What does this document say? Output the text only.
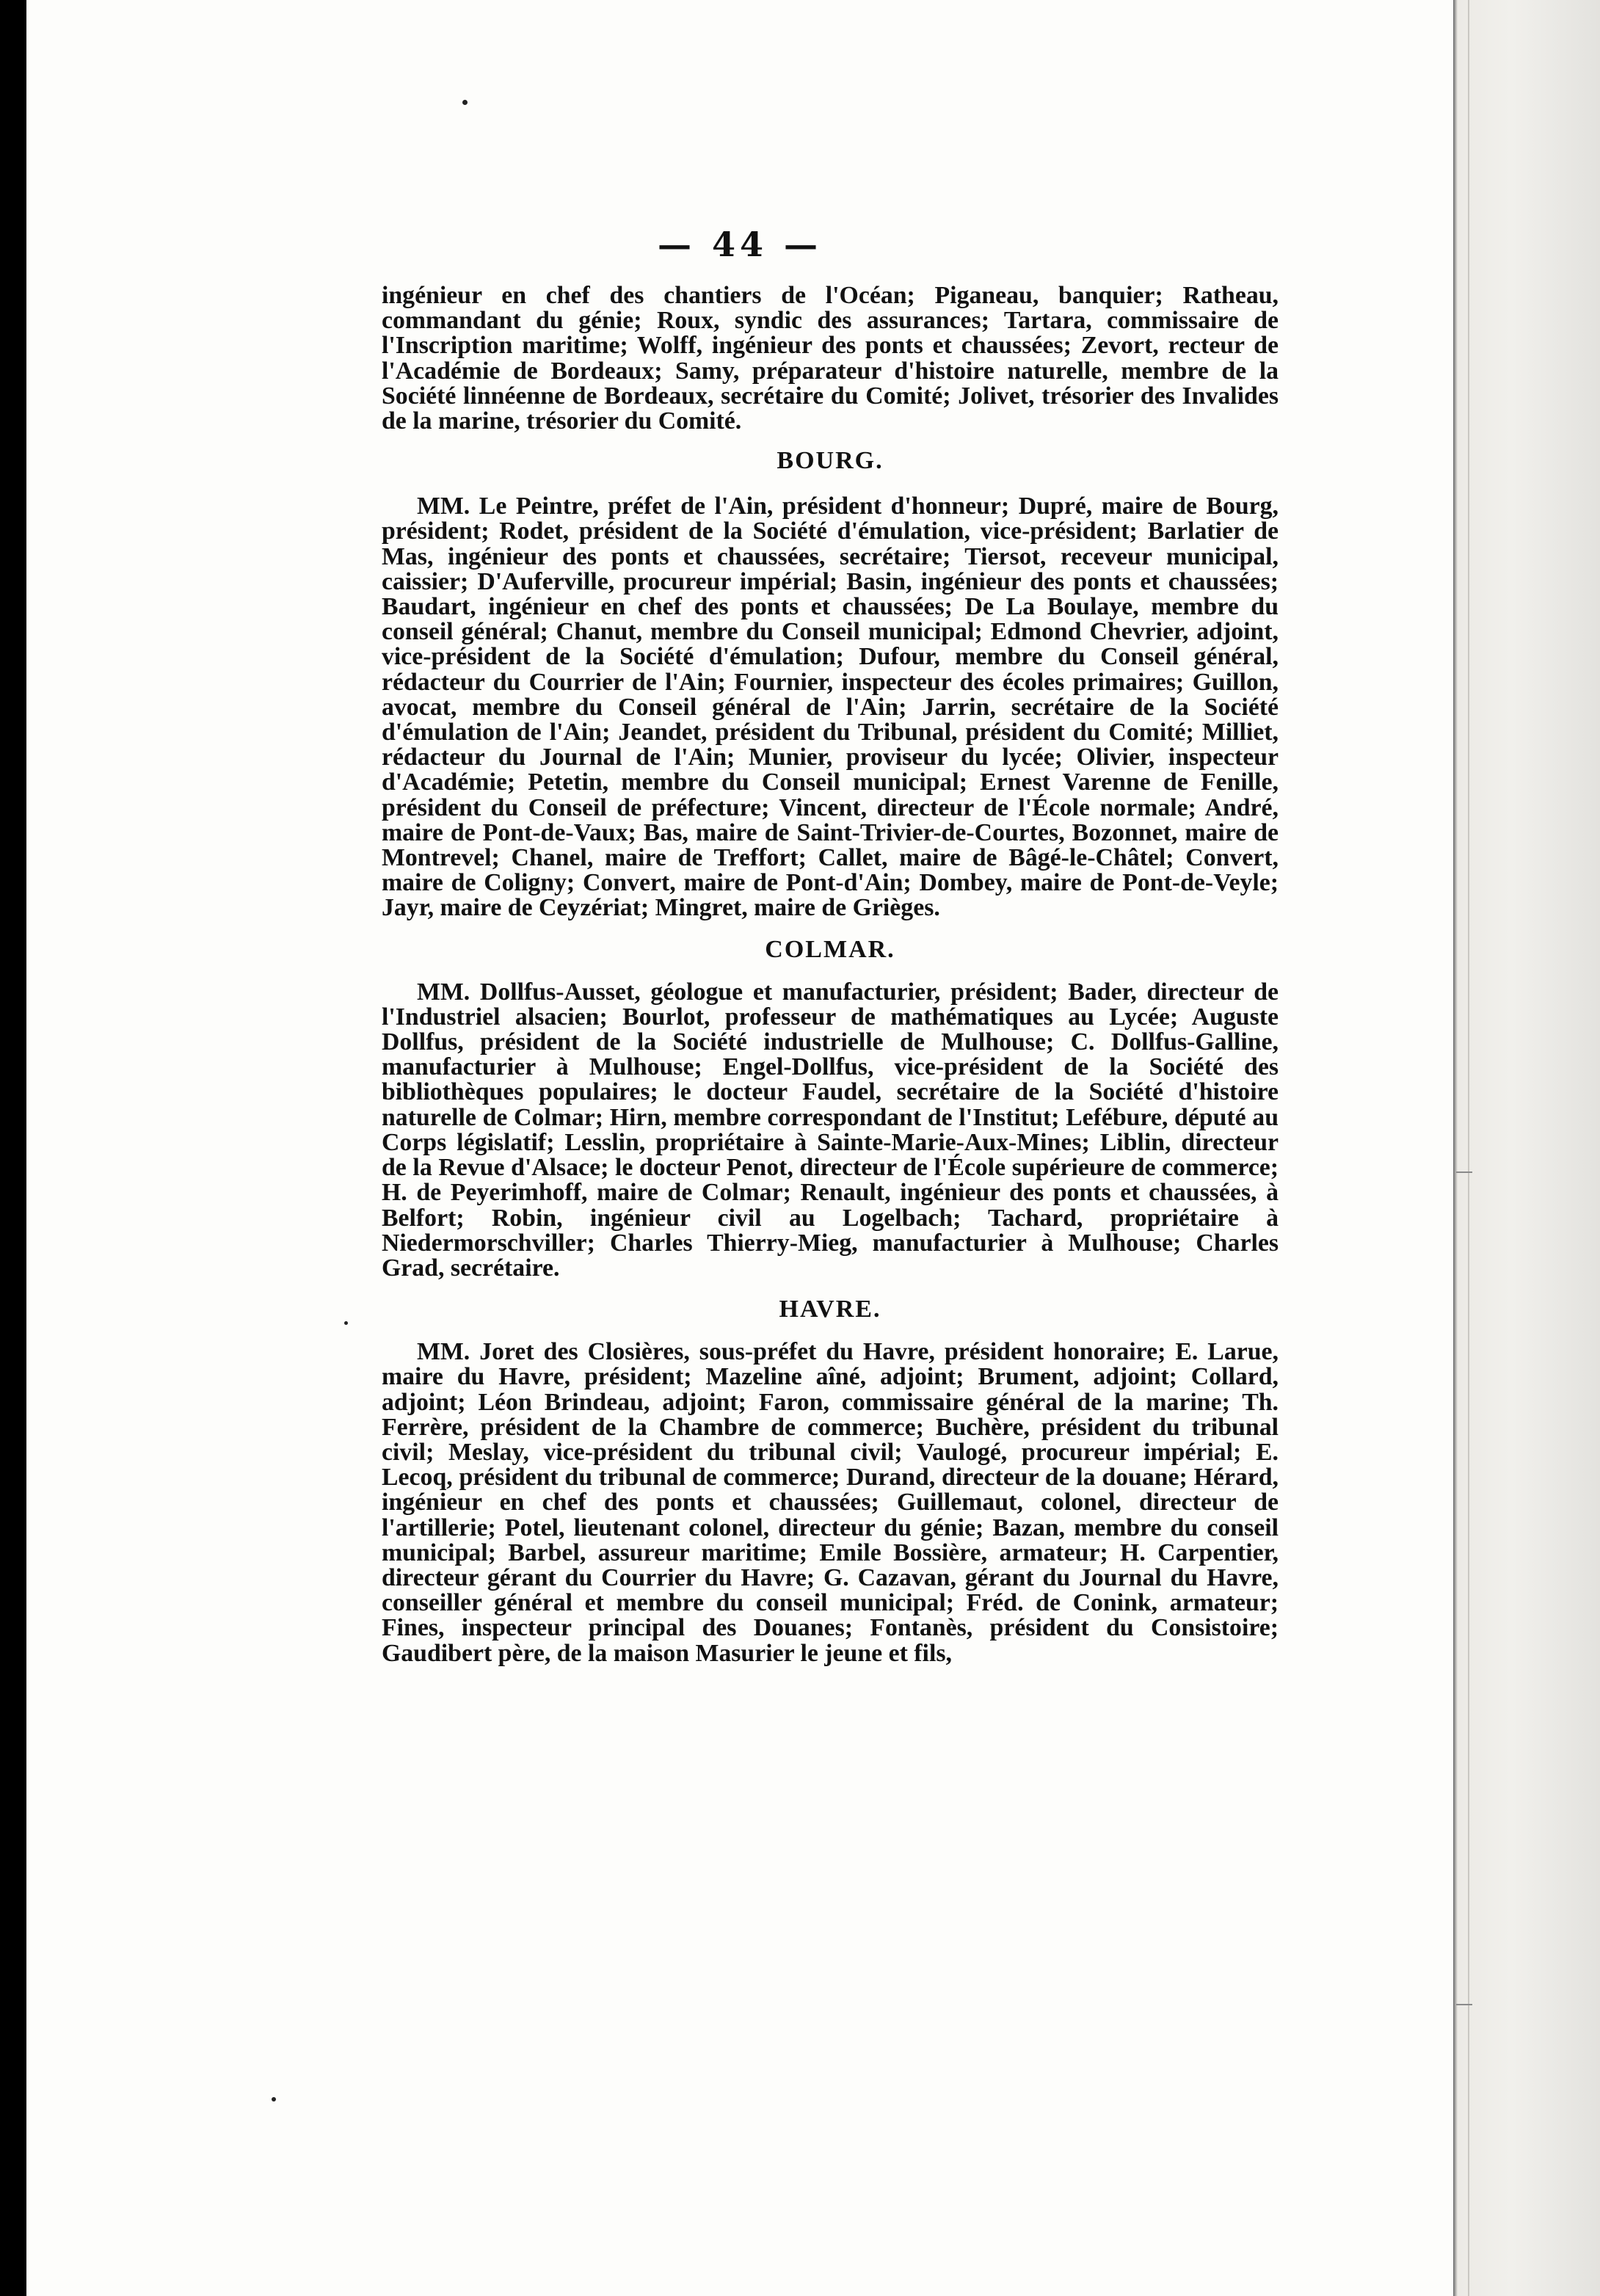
— 44 —

ingénieur en chef des chantiers de l'Océan; Piganeau, banquier; Ratheau, commandant du génie; Roux, syndic des assurances; Tartara, commissaire de l'Inscription maritime; Wolff, ingénieur des ponts et chaussées; Zevort, recteur de l'Académie de Bordeaux; Samy, préparateur d'histoire naturelle, membre de la Société linnéenne de Bordeaux, secrétaire du Comité; Jolivet, trésorier des Invalides de la marine, trésorier du Comité.

BOURG.

MM. Le Peintre, préfet de l'Ain, président d'honneur; Dupré, maire de Bourg, président; Rodet, président de la Société d'émulation, vice-président; Barlatier de Mas, ingénieur des ponts et chaussées, secrétaire; Tiersot, receveur municipal, caissier; D'Auferville, procureur impérial; Basin, ingénieur des ponts et chaussées; Baudart, ingénieur en chef des ponts et chaussées; De La Boulaye, membre du conseil général; Chanut, membre du Conseil municipal; Edmond Chevrier, adjoint, vice-président de la Société d'émulation; Dufour, membre du Conseil général, rédacteur du Courrier de l'Ain; Fournier, inspecteur des écoles primaires; Guillon, avocat, membre du Conseil général de l'Ain; Jarrin, secrétaire de la Société d'émulation de l'Ain; Jeandet, président du Tribunal, président du Comité; Milliet, rédacteur du Journal de l'Ain; Munier, proviseur du lycée; Olivier, inspecteur d'Académie; Petetin, membre du Conseil municipal; Ernest Varenne de Fenille, président du Conseil de préfecture; Vincent, directeur de l'École normale; André, maire de Pont-de-Vaux; Bas, maire de Saint-Trivier-de-Courtes, Bozonnet, maire de Montrevel; Chanel, maire de Treffort; Callet, maire de Bâgé-le-Châtel; Convert, maire de Coligny; Convert, maire de Pont-d'Ain; Dombey, maire de Pont-de-Veyle; Jayr, maire de Ceyzériat; Mingret, maire de Grièges.

COLMAR.

MM. Dollfus-Ausset, géologue et manufacturier, président; Bader, directeur de l'Industriel alsacien; Bourlot, professeur de mathématiques au Lycée; Auguste Dollfus, président de la Société industrielle de Mulhouse; C. Dollfus-Galline, manufacturier à Mulhouse; Engel-Dollfus, vice-président de la Société des bibliothèques populaires; le docteur Faudel, secrétaire de la Société d'histoire naturelle de Colmar; Hirn, membre correspondant de l'Institut; Lefébure, député au Corps législatif; Lesslin, propriétaire à Sainte-Marie-Aux-Mines; Liblin, directeur de la Revue d'Alsace; le docteur Penot, directeur de l'École supérieure de commerce; H. de Peyerimhoff, maire de Colmar; Renault, ingénieur des ponts et chaussées, à Belfort; Robin, ingénieur civil au Logelbach; Tachard, propriétaire à Niedermorschviller; Charles Thierry-Mieg, manufacturier à Mulhouse; Charles Grad, secrétaire.

HAVRE.

MM. Joret des Closières, sous-préfet du Havre, président honoraire; E. Larue, maire du Havre, président; Mazeline aîné, adjoint; Brument, adjoint; Collard, adjoint; Léon Brindeau, adjoint; Faron, commissaire général de la marine; Th. Ferrère, président de la Chambre de commerce; Buchère, président du tribunal civil; Meslay, vice-président du tribunal civil; Vaulogé, procureur impérial; E. Lecoq, président du tribunal de commerce; Durand, directeur de la douane; Hérard, ingénieur en chef des ponts et chaussées; Guillemaut, colonel, directeur de l'artillerie; Potel, lieutenant colonel, directeur du génie; Bazan, membre du conseil municipal; Barbel, assureur maritime; Emile Bossière, armateur; H. Carpentier, directeur gérant du Courrier du Havre; G. Cazavan, gérant du Journal du Havre, conseiller général et membre du conseil municipal; Fréd. de Conink, armateur; Fines, inspecteur principal des Douanes; Fontanès, président du Consistoire; Gaudibert père, de la maison Masurier le jeune et fils,
